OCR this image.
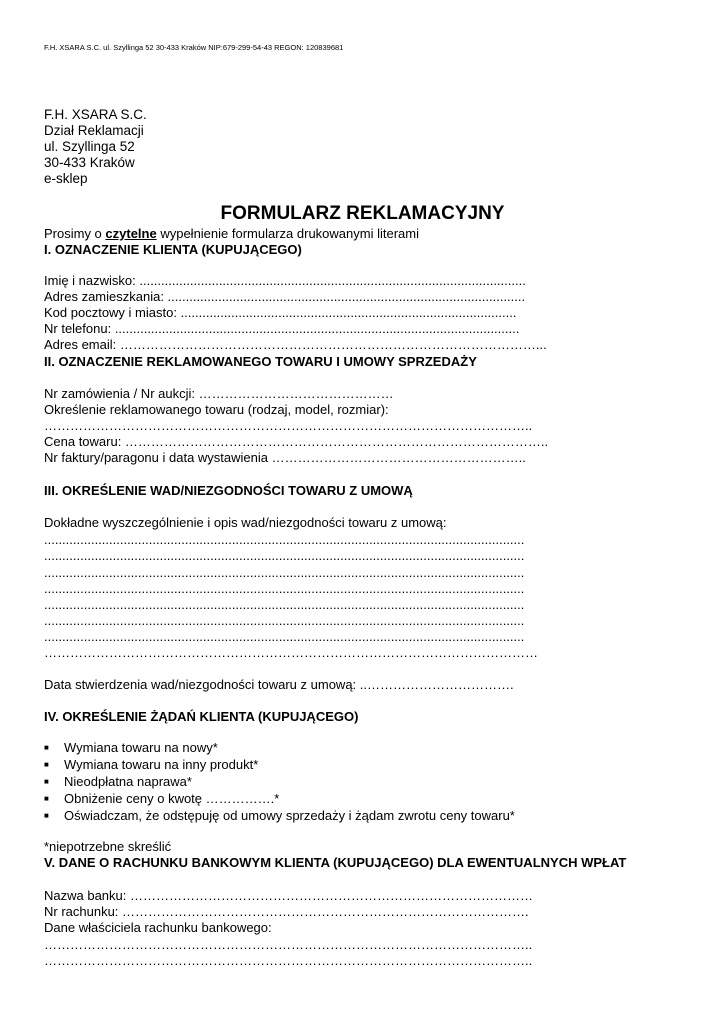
F.H. XSARA S.C. ul. Szyllinga 52 30-433 Kraków NIP:679-299-54-43 REGON: 120839681
F.H. XSARA S.C.
Dział Reklamacji
ul. Szyllinga 52
30-433 Kraków
e-sklep
FORMULARZ REKLAMACYJNY
Prosimy o czytelne wypełnienie formularza drukowanymi literami
I. OZNACZENIE KLIENTA (KUPUJĄCEGO)
Imię i nazwisko: ...........................................................................................................
Adres zamieszkania: ...................................................................................................
Kod pocztowy i miasto: .............................................................................................
Nr telefonu: ................................................................................................................
Adres email: ……………………………………………………………………………………...
II. OZNACZENIE REKLAMOWANEGO TOWARU I UMOWY SPRZEDAŻY
Nr zamówienia / Nr aukcji: ………………………………………
Określenie reklamowanego towaru (rodzaj, model, rozmiar):
…………………………………………………………………………………………………..
Cena towaru: ……………………………………………………………………………………..
Nr faktury/paragonu i data wystawienia …………………………………………………..
III. OKREŚLENIE WAD/NIEZGODNOŚCI TOWARU Z UMOWĄ
Dokładne wyszczególnienie i opis wad/niezgodności towaru z umową:
.....................................................................................................................................
.....................................................................................................................................
.....................................................................................................................................
.....................................................................................................................................
.....................................................................................................................................
.....................................................................................................................................
.....................................................................................................................................
……………………………………………………………………………………………………
Data stwierdzenia wad/niezgodności towaru z umową: ..…………………………….
IV. OKREŚLENIE ŻĄDAŃ KLIENTA (KUPUJĄCEGO)
■ Wymiana towaru na nowy*
■ Wymiana towaru na inny produkt*
■ Nieodpłatna naprawa*
■ Obniżenie ceny o kwotę …………….*
■ Oświadczam, że odstępuję od umowy sprzedaży i żądam zwrotu ceny towaru*
*niepotrzebne skreślić
V. DANE O RACHUNKU BANKOWYM KLIENTA (KUPUJĄCEGO) DLA EWENTUALNYCH WPŁAT
Nazwa banku: …………………………………………………………………………………
Nr rachunku: ………………………………………………………………………………….
Dane właściciela rachunku bankowego:
…………………………………………………………………………………………………..
…………………………………………………………………………………………………..
